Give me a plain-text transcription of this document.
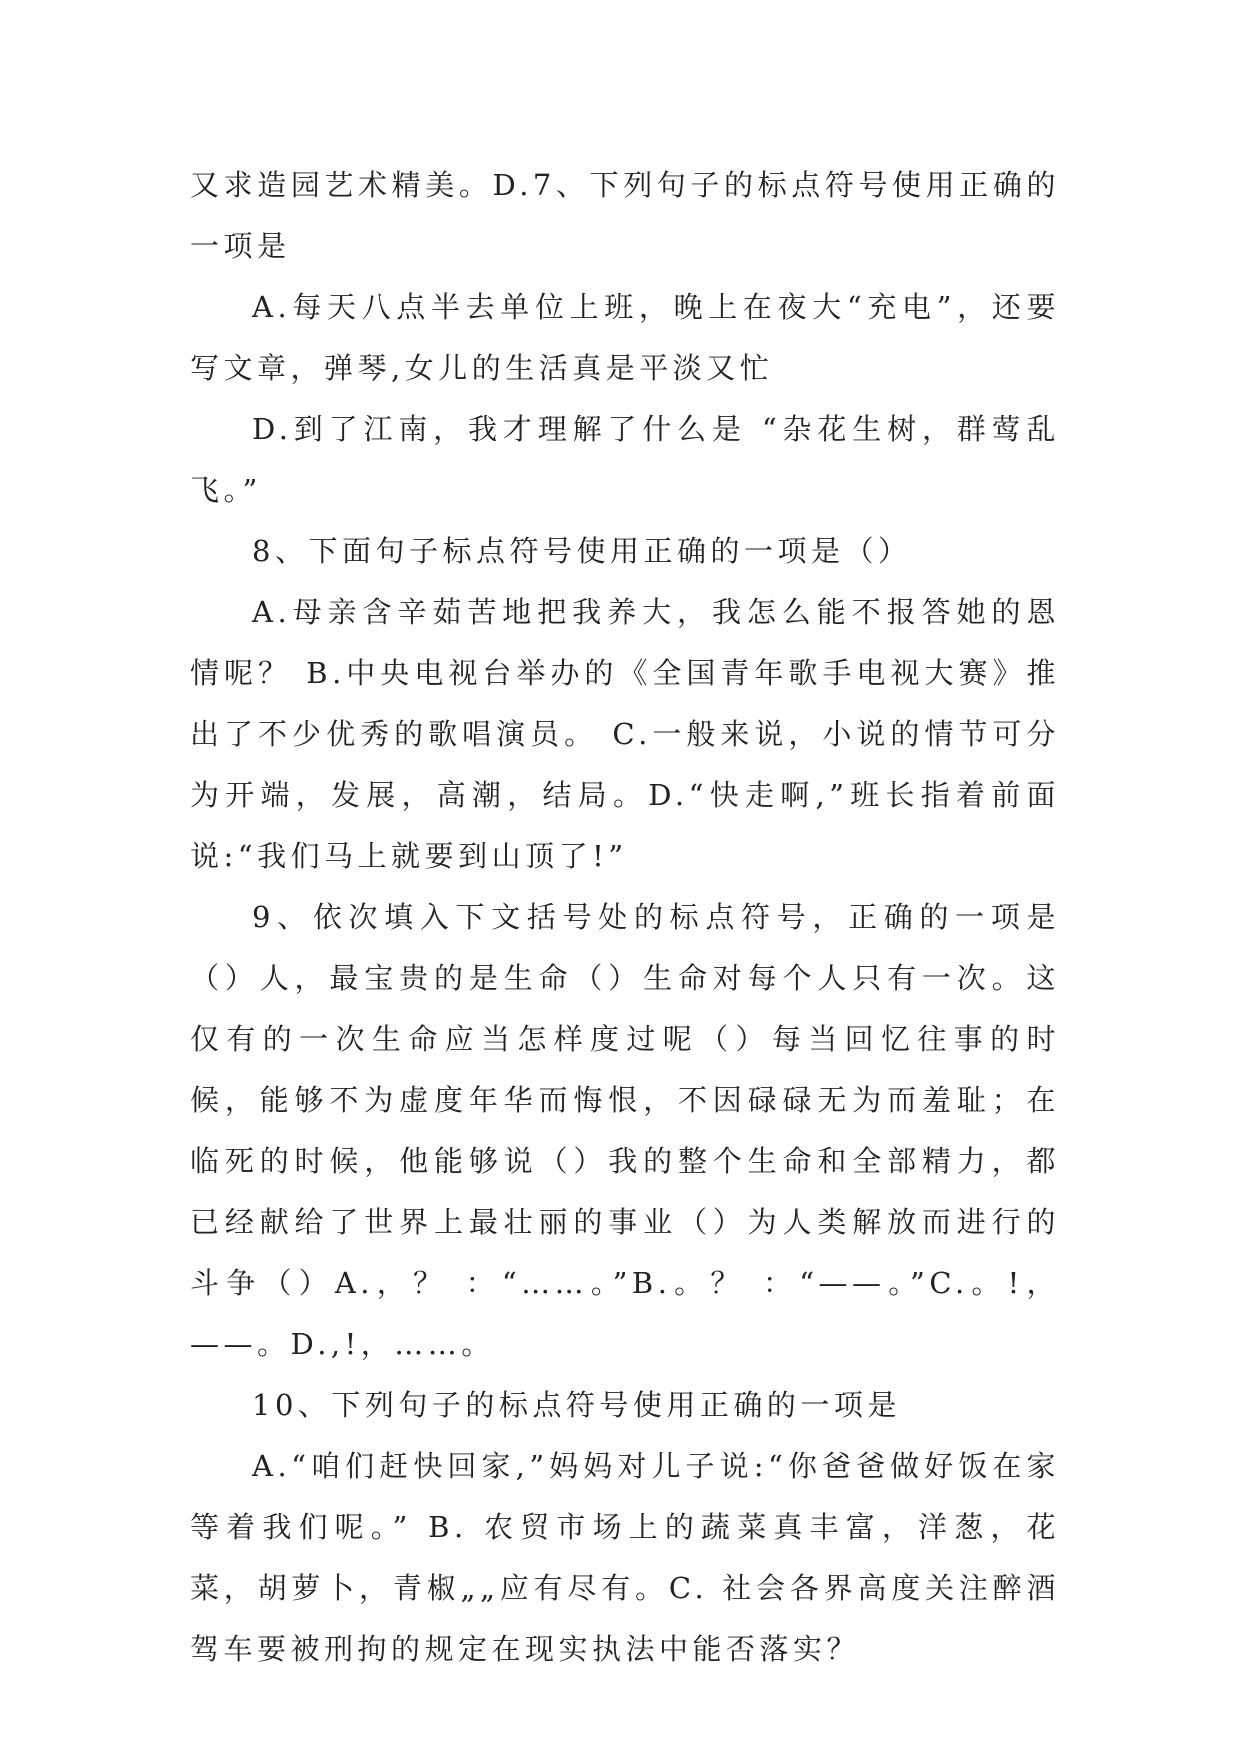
又求造园艺术精美。D.7、下列句子的标点符号使用正确的一项是

A.每天八点半去单位上班，晚上在夜大“充电”，还要写文章，弹琴,女儿的生活真是平淡又忙

D.到了江南，我才理解了什么是 “杂花生树，群莺乱飞。”

8、下面句子标点符号使用正确的一项是（）

A.母亲含辛茹苦地把我养大，我怎么能不报答她的恩情呢？ B.中央电视台举办的《全国青年歌手电视大赛》推出了不少优秀的歌唱演员。 C.一般来说，小说的情节可分为开端，发展，高潮，结局。D.“快走啊,”班长指着前面说:“我们马上就要到山顶了!”

9、依次填入下文括号处的标点符号，正确的一项是（）人，最宝贵的是生命（）生命对每个人只有一次。这仅有的一次生命应当怎样度过呢（）每当回忆往事的时候，能够不为虚度年华而悔恨，不因碌碌无为而羞耻；在临死的时候，他能够说（）我的整个生命和全部精力，都已经献给了世界上最壮丽的事业（）为人类解放而进行的斗争（）A.，？ ：“……。”B.。？ ：“——。”C.。!，——。D.,!，……。

10、下列句子的标点符号使用正确的一项是

A.“咱们赶快回家,”妈妈对儿子说:“你爸爸做好饭在家等着我们呢。” B. 农贸市场上的蔬菜真丰富，洋葱，花菜，胡萝卜，青椒„„应有尽有。C. 社会各界高度关注醉酒驾车要被刑拘的规定在现实执法中能否落实？
